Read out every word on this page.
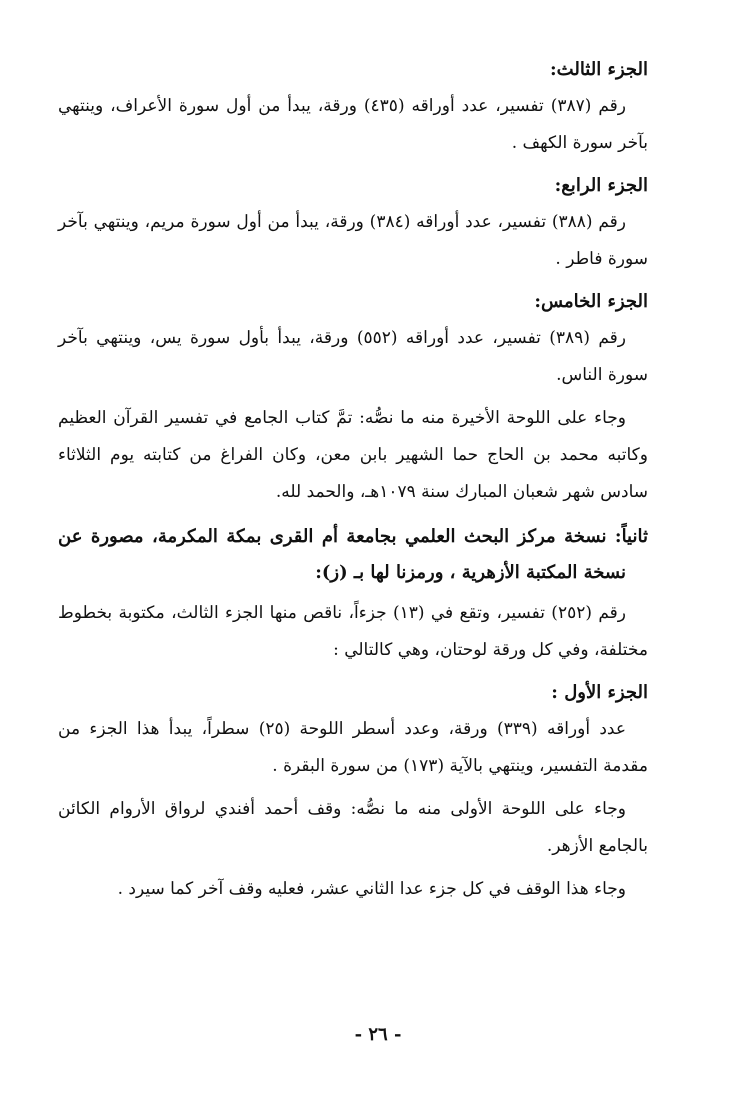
الجزء الثالث:
رقم (٣٨٧) تفسير، عدد أوراقه (٤٣٥) ورقة، يبدأ من أول سورة الأعراف، وينتهي بآخر سورة الكهف .
الجزء الرابع:
رقم (٣٨٨) تفسير، عدد أوراقه (٣٨٤) ورقة، يبدأ من أول سورة مريم، وينتهي بآخر سورة فاطر .
الجزء الخامس:
رقم (٣٨٩) تفسير، عدد أوراقه (٥٥٢) ورقة، يبدأ بأول سورة يس، وينتهي بآخر سورة الناس.
وجاء على اللوحة الأخيرة منه ما نصُّه: تمَّ كتاب الجامع في تفسير القرآن العظيم وكاتبه محمد بن الحاج حما الشهير بابن معن، وكان الفراغ من كتابته يوم الثلاثاء سادس شهر شعبان المبارك سنة ١٠٧٩هـ، والحمد لله.
ثانياً: نسخة مركز البحث العلمي بجامعة أم القرى بمكة المكرمة، مصورة عن نسخة المكتبة الأزهرية ، ورمزنا لها بـ (ز):
رقم (٢٥٢) تفسير، وتقع في (١٣) جزءاً، ناقص منها الجزء الثالث، مكتوبة بخطوط مختلفة، وفي كل ورقة لوحتان، وهي كالتالي :
الجزء الأول :
عدد أوراقه (٣٣٩) ورقة، وعدد أسطر اللوحة (٢٥) سطراً، يبدأ هذا الجزء من مقدمة التفسير، وينتهي بالآية (١٧٣) من سورة البقرة .
وجاء على اللوحة الأولى منه ما نصُّه: وقف أحمد أفندي لرواق الأروام الكائن بالجامع الأزهر.
وجاء هذا الوقف في كل جزء عدا الثاني عشر، فعليه وقف آخر كما سيرد .
- ٢٦ -
